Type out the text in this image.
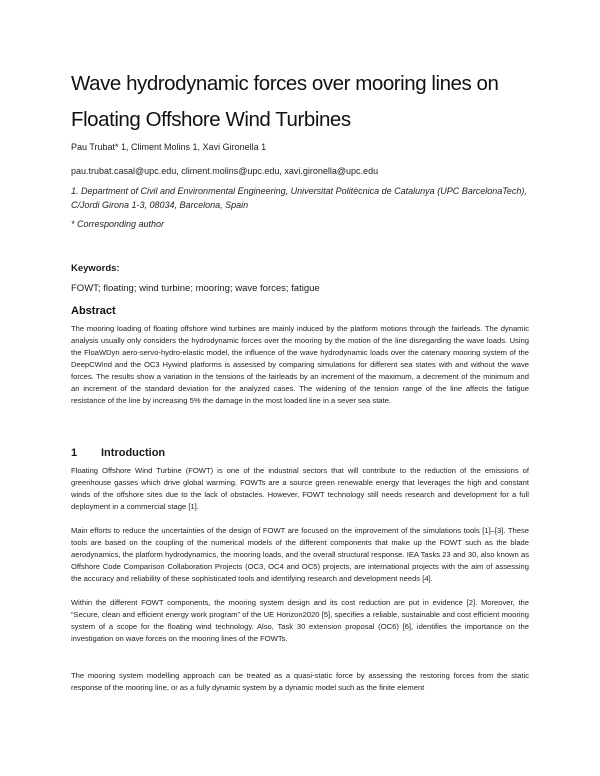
Wave hydrodynamic forces over mooring lines on Floating Offshore Wind Turbines
Pau Trubat* 1, Climent Molins 1, Xavi Gironella 1
pau.trubat.casal@upc.edu, climent.molins@upc.edu, xavi.gironella@upc.edu
1. Department of Civil and Environmental Engineering, Universitat Politècnica de Catalunya (UPC BarcelonaTech), C/Jordi Girona 1-3, 08034, Barcelona, Spain
* Corresponding author
Keywords:
FOWT; floating; wind turbine; mooring; wave forces; fatigue
Abstract
The mooring loading of floating offshore wind turbines are mainly induced by the platform motions through the fairleads. The dynamic analysis usually only considers the hydrodynamic forces over the mooring by the motion of the line disregarding the wave loads. Using the FloaWDyn aero-servo-hydro-elastic model, the influence of the wave hydrodynamic loads over the catenary mooring system of the DeepCWind and the OC3 Hywind platforms is assessed by comparing simulations for different sea states with and without the wave forces. The results show a variation in the tensions of the fairleads by an increment of the maximum, a decrement of the minimum and an increment of the standard deviation for the analyzed cases. The widening of the tension range of the line affects the fatigue resistance of the line by increasing 5% the damage in the most loaded line in a sever sea state.
1 Introduction
Floating Offshore Wind Turbine (FOWT) is one of the industrial sectors that will contribute to the reduction of the emissions of greenhouse gasses which drive global warming. FOWTs are a source green renewable energy that leverages the high and constant winds of the offshore sites due to the lack of obstacles. However, FOWT technology still needs research and development for a full deployment in a commercial stage [1].
Main efforts to reduce the uncertainties of the design of FOWT are focused on the improvement of the simulations tools [1]–[3]. These tools are based on the coupling of the numerical models of the different components that make up the FOWT such as the blade aerodynamics, the platform hydrodynamics, the mooring loads, and the overall structural response. IEA Tasks 23 and 30, also known as Offshore Code Comparison Collaboration Projects (OC3, OC4 and OC5) projects, are international projects with the aim of assessing the accuracy and reliability of these sophisticated tools and identifying research and development needs [4].
Within the different FOWT components, the mooring system design and its cost reduction are put in evidence [2]. Moreover, the “Secure, clean and efficient energy work program” of the UE Horizon2020 [5], specifies a reliable, sustainable and cost efficient mooring system of a scope for the floating wind technology. Also, Task 30 extension proposal (OC6) [6], identifies the importance on the investigation on wave forces on the mooring lines of the FOWTs.
The mooring system modelling approach can be treated as a quasi-static force by assessing the restoring forces from the static response of the mooring line, or as a fully dynamic system by a dynamic model such as the finite element
